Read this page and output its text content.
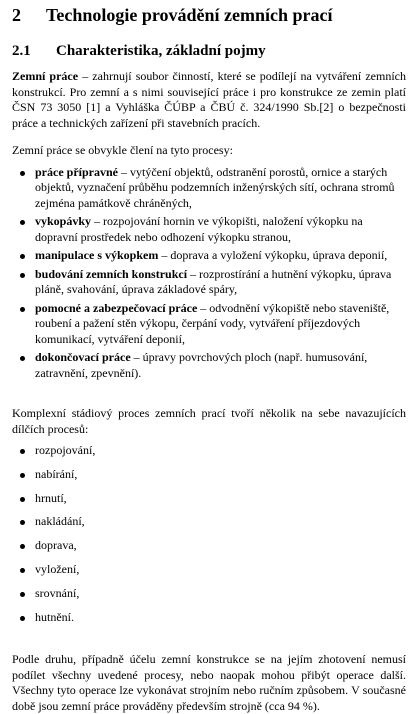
2	Technologie provádění zemních prací
2.1	Charakteristika, základní pojmy

Zemní práce – zahrnují soubor činností, které se podílejí na vytváření zemních konstrukcí. Pro zemní a s nimi související práce i pro konstrukce ze zemin platí ČSN 73 3050 [1] a Vyhláška ČÚBP a ČBÚ č. 324/1990 Sb.[2] o bezpečnosti práce a technických zařízení při stavebních pracích.

Zemní práce se obvykle člení na tyto procesy:

práce přípravné – vytýčení objektů, odstranění porostů, ornice a starých objektů, vyznačení průběhu podzemních inženýrských sítí, ochrana stromů zejména památkově chráněných,
vykopávky – rozpojování hornin ve výkopišti, naložení výkopku na dopravní prostředek nebo odhození výkopku stranou,
manipulace s výkopkem – doprava a vyložení výkopku, úprava deponií,
budování zemních konstrukcí – rozprostírání a hutnění výkopku, úprava pláně, svahování, úprava základové spáry,
pomocné a zabezpečovací práce – odvodnění výkopiště nebo staveniště, roubení a pažení stěn výkopu, čerpání vody, vytváření příjezdových komunikací, vytváření deponií,
dokončovací práce – úpravy povrchových ploch (např. humusování, zatravnění, zpevnění).

Komplexní stádiový proces zemních prací tvoří několik na sebe navazujících dílčích procesů:

rozpojování,
nabírání,
hrnutí,
nakládání,
doprava,
vyložení,
srovnání,
hutnění.

Podle druhu, případně účelu zemní konstrukce se na jejím zhotovení nemusí podílet všechny uvedené procesy, nebo naopak mohou přibýt operace další. Všechny tyto operace lze vykonávat strojním nebo ručním způsobem. V současné době jsou zemní práce prováděny především strojně (cca 94 %).
